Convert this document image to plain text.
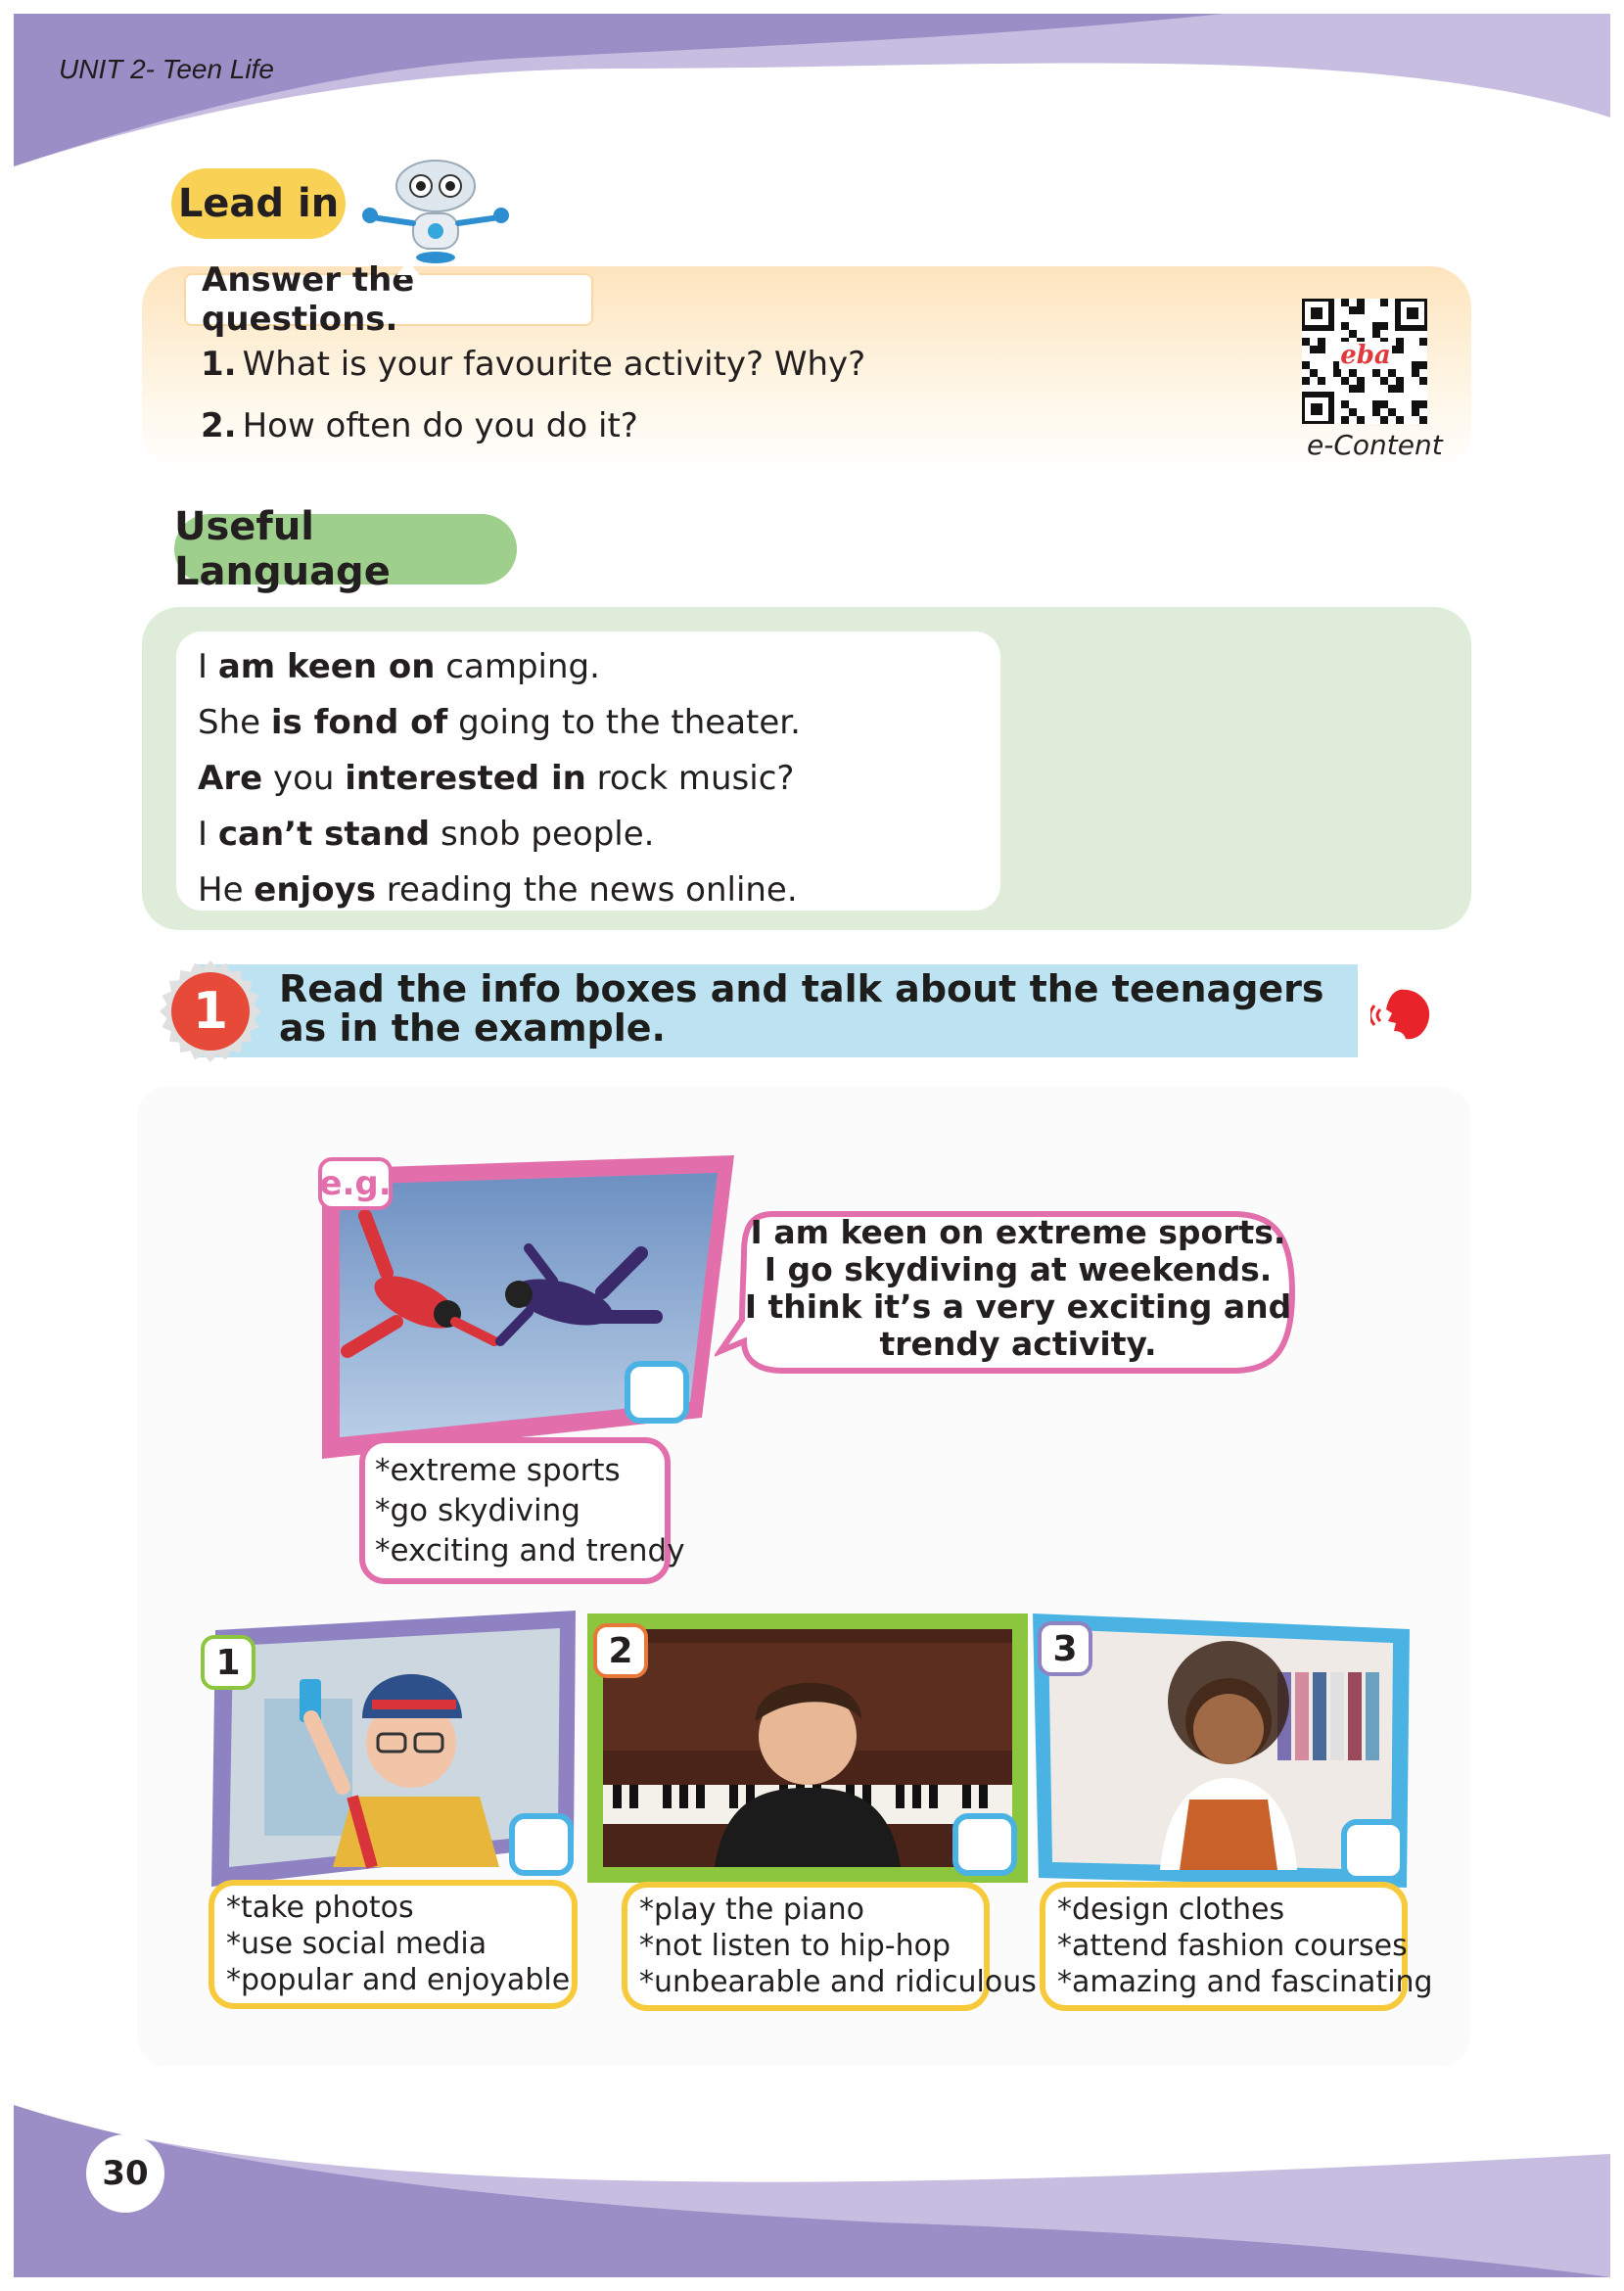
UNIT 2- Teen Life
Lead in
Answer the questions.
1. What is your favourite activity? Why?
2. How often do you do it?
eba
e-Content
Useful Language
I am keen on camping.
She is fond of going to the theater.
Are you interested in rock music?
I can’t stand snob people.
He enjoys reading the news online.
1 Read the info boxes and talk about the teenagers as in the example.
e.g.
I am keen on extreme sports.
I go skydiving at weekends.
I think it’s a very exciting and
trendy activity.
*extreme sports
*go skydiving
*exciting and trendy
1
*take photos
*use social media
*popular and enjoyable
2
*play the piano
*not listen to hip-hop
*unbearable and ridiculous
3
*design clothes
*attend fashion courses
*amazing and fascinating
30
